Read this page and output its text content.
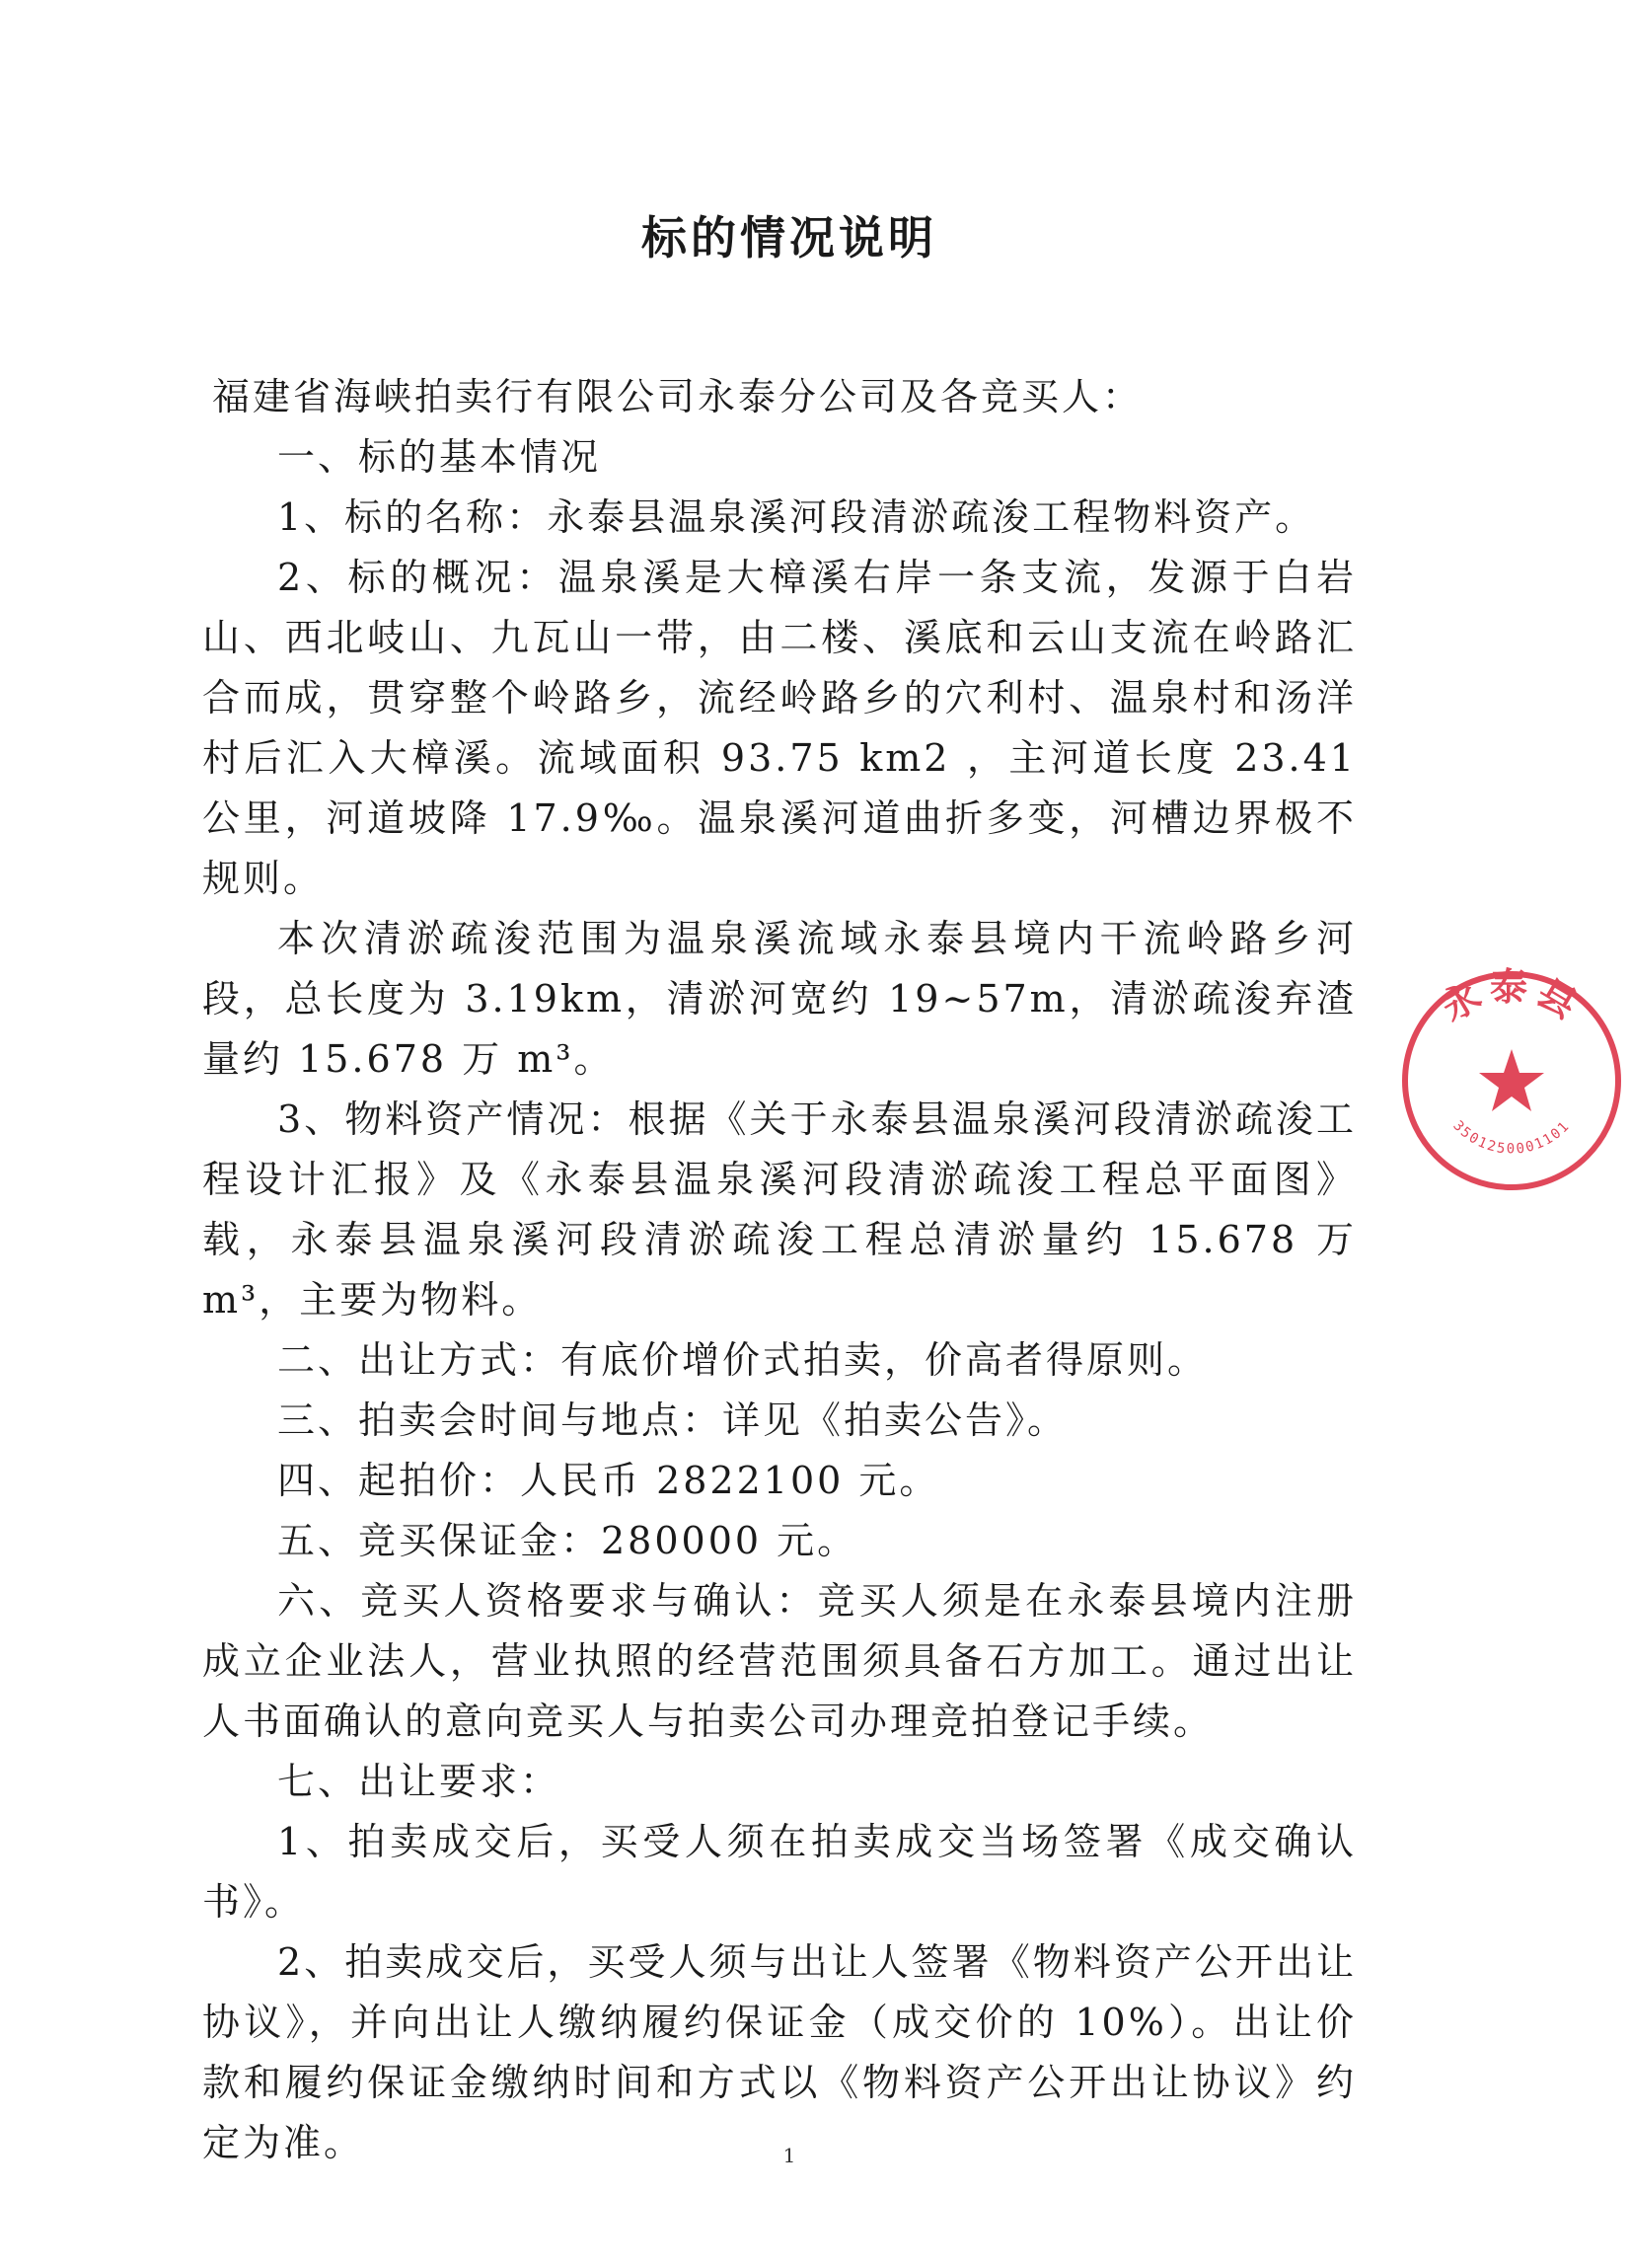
标的情况说明

福建省海峡拍卖行有限公司永泰分公司及各竞买人：

一、标的基本情况

1、标的名称：永泰县温泉溪河段清淤疏浚工程物料资产。

2、标的概况：温泉溪是大樟溪右岸一条支流，发源于白岩山、西北岐山、九瓦山一带，由二楼、溪底和云山支流在岭路汇合而成，贯穿整个岭路乡，流经岭路乡的穴利村、温泉村和汤洋村后汇入大樟溪。流域面积 93.75 km2 ，主河道长度 23.41 公里，河道坡降 17.9‰。温泉溪河道曲折多变，河槽边界极不规则。

本次清淤疏浚范围为温泉溪流域永泰县境内干流岭路乡河段，总长度为 3.19km，清淤河宽约 19~57m，清淤疏浚弃渣量约 15.678 万 m³。

3、物料资产情况：根据《关于永泰县温泉溪河段清淤疏浚工程设计汇报》及《永泰县温泉溪河段清淤疏浚工程总平面图》载，永泰县温泉溪河段清淤疏浚工程总清淤量约 15.678 万 m³，主要为物料。

二、出让方式：有底价增价式拍卖，价高者得原则。

三、拍卖会时间与地点：详见《拍卖公告》。

四、起拍价：人民币 2822100 元。

五、竞买保证金：280000 元。

六、竞买人资格要求与确认：竞买人须是在永泰县境内注册成立企业法人，营业执照的经营范围须具备石方加工。通过出让人书面确认的意向竞买人与拍卖公司办理竞拍登记手续。

七、出让要求：

1、拍卖成交后，买受人须在拍卖成交当场签署《成交确认书》。

2、拍卖成交后，买受人须与出让人签署《物料资产公开出让协议》，并向出让人缴纳履约保证金（成交价的 10%）。出让价款和履约保证金缴纳时间和方式以《物料资产公开出让协议》约定为准。

永泰县
3501250001101
1
